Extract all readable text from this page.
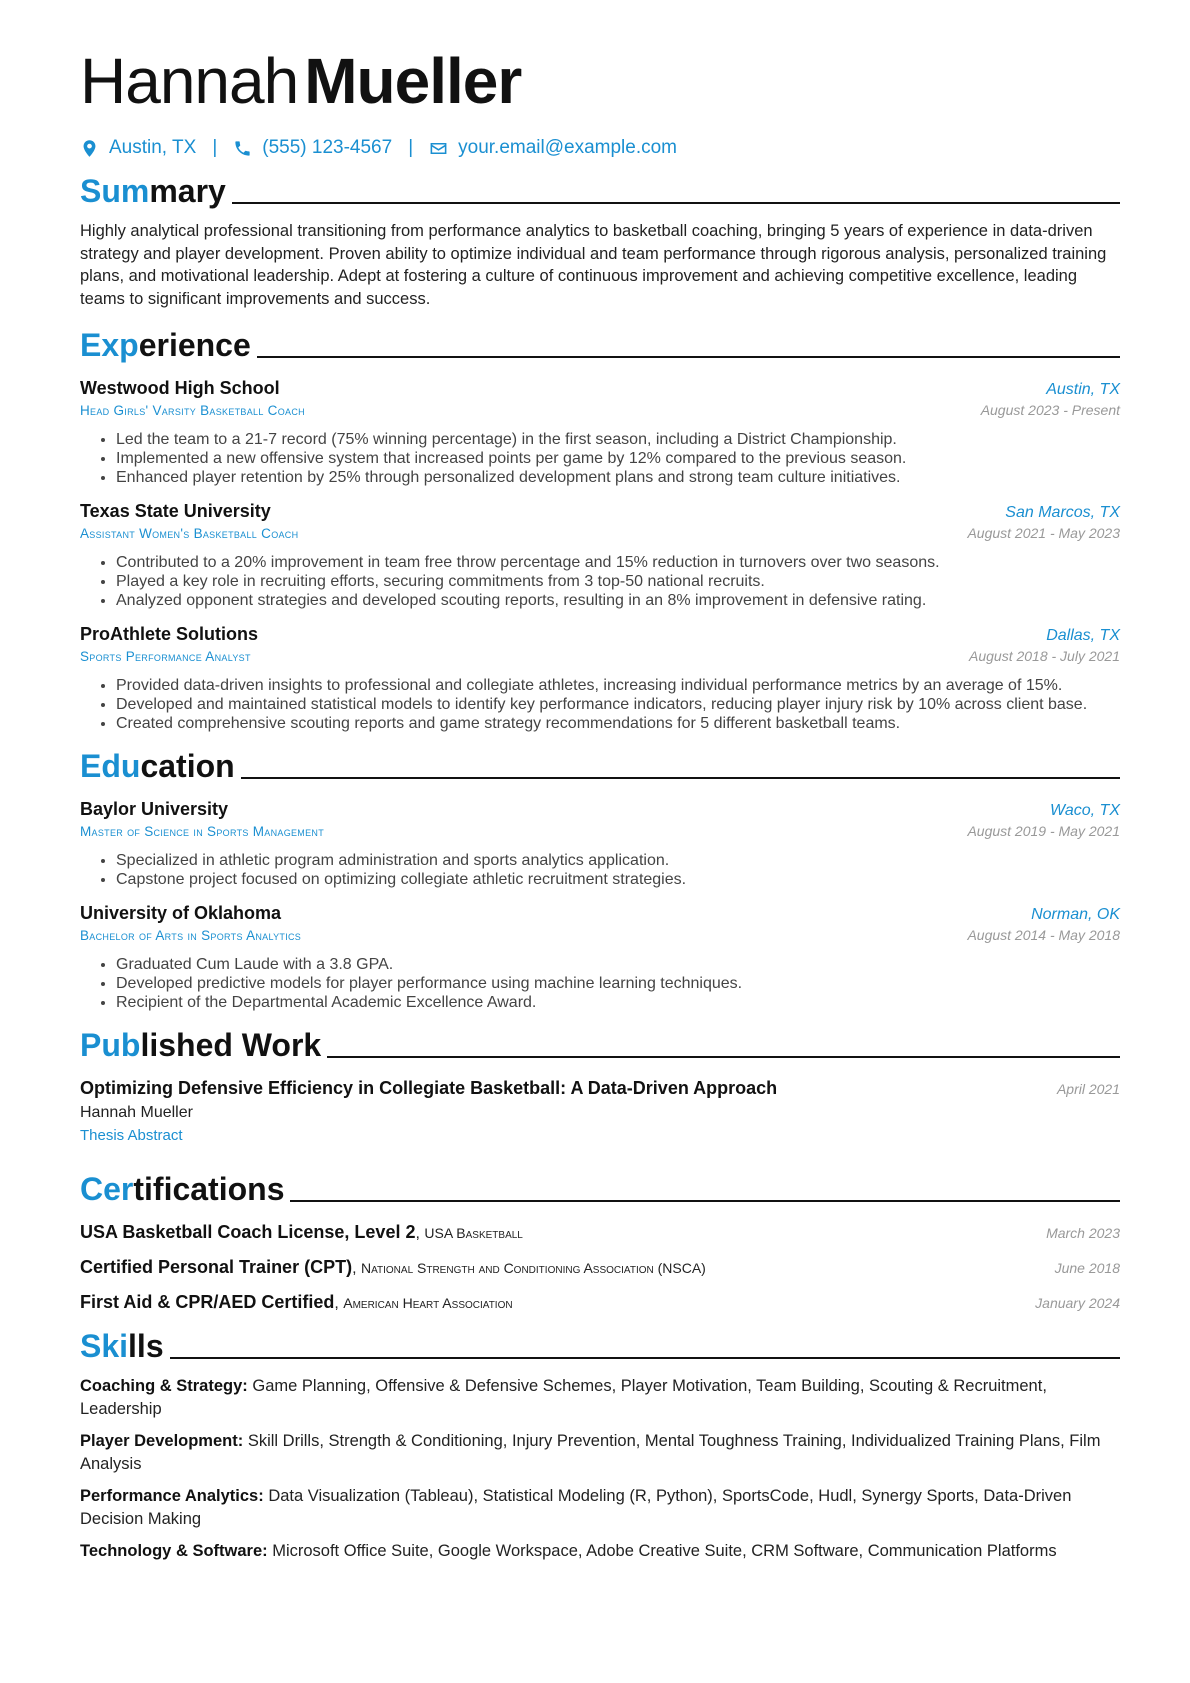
HannahMueller
Austin, TX | (555) 123-4567 | your.email@example.com
Summary

Highly analytical professional transitioning from performance analytics to basketball coaching, bringing 5 years of experience in data-driven strategy and player development. Proven ability to optimize individual and team performance through rigorous analysis, personalized training plans, and motivational leadership. Adept at fostering a culture of continuous improvement and achieving competitive excellence, leading teams to significant improvements and success.

Experience
Westwood High School	Austin, TX
Head Girls' Varsity Basketball Coach	August 2023 - Present
• Led the team to a 21-7 record (75% winning percentage) in the first season, including a District Championship.
• Implemented a new offensive system that increased points per game by 12% compared to the previous season.
• Enhanced player retention by 25% through personalized development plans and strong team culture initiatives.
Texas State University	San Marcos, TX
Assistant Women's Basketball Coach	August 2021 - May 2023
• Contributed to a 20% improvement in team free throw percentage and 15% reduction in turnovers over two seasons.
• Played a key role in recruiting efforts, securing commitments from 3 top-50 national recruits.
• Analyzed opponent strategies and developed scouting reports, resulting in an 8% improvement in defensive rating.
ProAthlete Solutions	Dallas, TX
Sports Performance Analyst	August 2018 - July 2021
• Provided data-driven insights to professional and collegiate athletes, increasing individual performance metrics by an average of 15%.
• Developed and maintained statistical models to identify key performance indicators, reducing player injury risk by 10% across client base.
• Created comprehensive scouting reports and game strategy recommendations for 5 different basketball teams.
Education
Baylor University	Waco, TX
Master of Science in Sports Management	August 2019 - May 2021
• Specialized in athletic program administration and sports analytics application.
• Capstone project focused on optimizing collegiate athletic recruitment strategies.
University of Oklahoma	Norman, OK
Bachelor of Arts in Sports Analytics	August 2014 - May 2018
• Graduated Cum Laude with a 3.8 GPA.
• Developed predictive models for player performance using machine learning techniques.
• Recipient of the Departmental Academic Excellence Award.
Published Work
Optimizing Defensive Efficiency in Collegiate Basketball: A Data-Driven Approach	April 2021
Hannah Mueller
Thesis Abstract
Certifications
USA Basketball Coach License, Level 2, USA Basketball	March 2023
Certified Personal Trainer (CPT), National Strength and Conditioning Association (NSCA)	June 2018
First Aid & CPR/AED Certified, American Heart Association	January 2024
Skills
Coaching & Strategy: Game Planning, Offensive & Defensive Schemes, Player Motivation, Team Building, Scouting & Recruitment, Leadership
Player Development: Skill Drills, Strength & Conditioning, Injury Prevention, Mental Toughness Training, Individualized Training Plans, Film Analysis
Performance Analytics: Data Visualization (Tableau), Statistical Modeling (R, Python), SportsCode, Hudl, Synergy Sports, Data-Driven Decision Making
Technology & Software: Microsoft Office Suite, Google Workspace, Adobe Creative Suite, CRM Software, Communication Platforms
